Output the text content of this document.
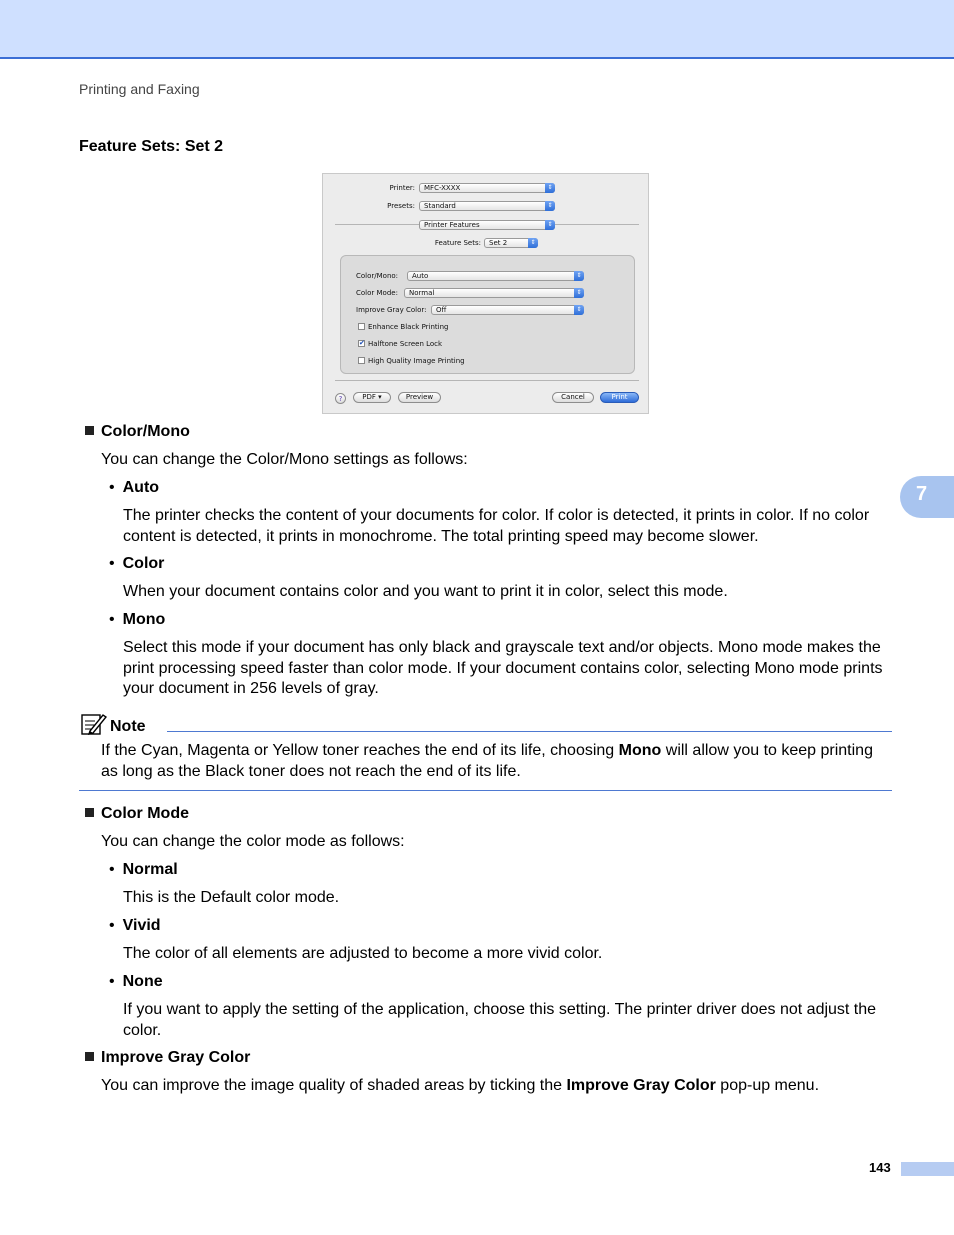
Printing and Faxing
Feature Sets: Set 2
7
Printer:	MFC-XXXX	⇕
Presets:	Standard	⇕
Printer Features	⇕
Feature Sets:	Set 2	⇕
Color/Mono:	Auto	⇕
Color Mode:	Normal	⇕
Improve Gray Color:	Off	⇕
Enhance Black Printing
✔ Halftone Screen Lock
High Quality Image Printing
?	PDF ▾	Preview	Cancel	Print
Color/Mono
You can change the Color/Mono settings as follows:
• Auto
The printer checks the content of your documents for color. If color is detected, it prints in color. If no color content is detected, it prints in monochrome. The total printing speed may become slower.
• Color
When your document contains color and you want to print it in color, select this mode.
• Mono
Select this mode if your document has only black and grayscale text and/or objects. Mono mode makes the print processing speed faster than color mode. If your document contains color, selecting Mono mode prints your document in 256 levels of gray.
Note
If the Cyan, Magenta or Yellow toner reaches the end of its life, choosing Mono will allow you to keep printing as long as the Black toner does not reach the end of its life.
Color Mode
You can change the color mode as follows:
• Normal
This is the Default color mode.
• Vivid
The color of all elements are adjusted to become a more vivid color.
• None
If you want to apply the setting of the application, choose this setting. The printer driver does not adjust the color.
Improve Gray Color
You can improve the image quality of shaded areas by ticking the Improve Gray Color pop-up menu.
143
